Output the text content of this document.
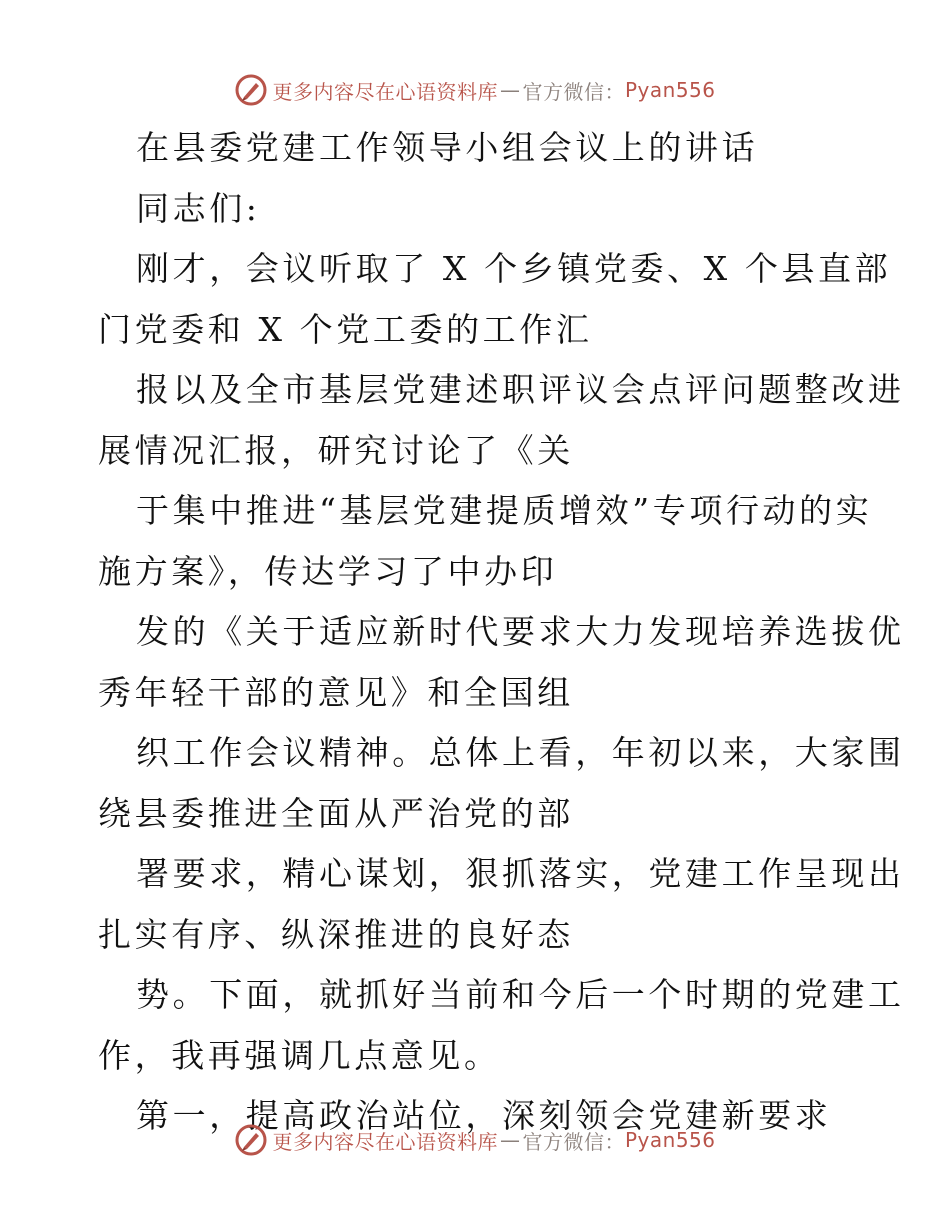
更多内容尽在心语资料库 — 官方微信： Pyan556

在县委党建工作领导小组会议上的讲话

同志们:

刚才，会议听取了 X 个乡镇党委、X 个县直部

门党委和 X 个党工委的工作汇

报以及全市基层党建述职评议会点评问题整改进

展情况汇报，研究讨论了《关

于集中推进“基层党建提质增效”专项行动的实

施方案》，传达学习了中办印

发的《关于适应新时代要求大力发现培养选拔优

秀年轻干部的意见》和全国组

织工作会议精神。总体上看，年初以来，大家围

绕县委推进全面从严治党的部

署要求，精心谋划，狠抓落实，党建工作呈现出

扎实有序、纵深推进的良好态

势。下面，就抓好当前和今后一个时期的党建工

作，我再强调几点意见。

第一，提高政治站位，深刻领会党建新要求

更多内容尽在心语资料库 — 官方微信： Pyan556
